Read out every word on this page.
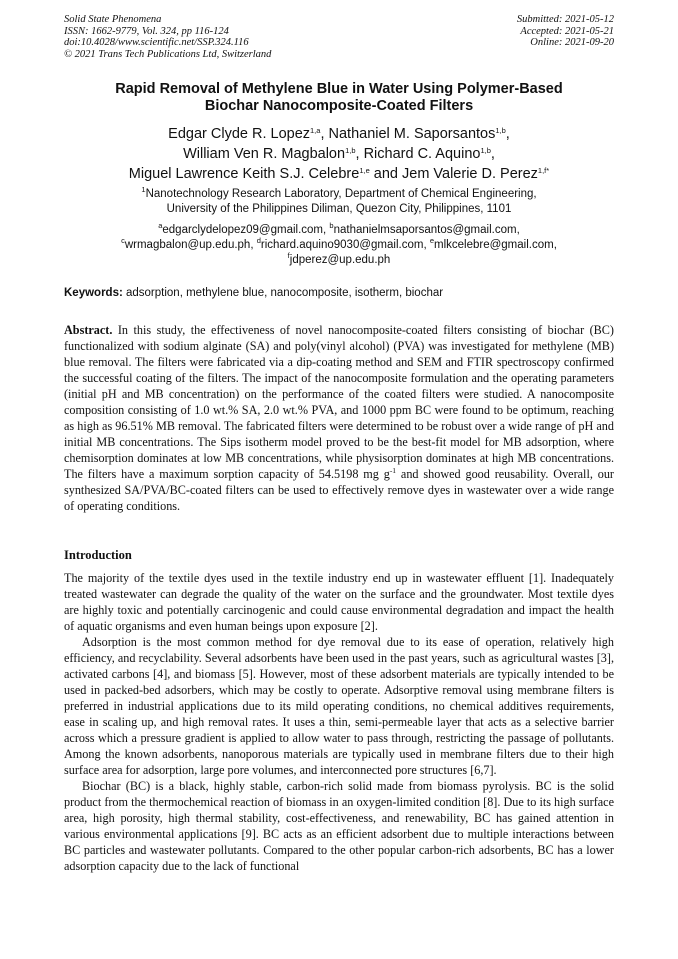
Solid State Phenomena
ISSN: 1662-9779, Vol. 324, pp 116-124
doi:10.4028/www.scientific.net/SSP.324.116
© 2021 Trans Tech Publications Ltd, Switzerland
Submitted: 2021-05-12
Accepted: 2021-05-21
Online: 2021-09-20
Rapid Removal of Methylene Blue in Water Using Polymer-Based
Biochar Nanocomposite-Coated Filters
Edgar Clyde R. Lopez$^{1,a}$, Nathaniel M. Saporsantos$^{1,b}$,
William Ven R. Magbalon$^{1,b}$, Richard C. Aquino$^{1,b}$,
Miguel Lawrence Keith S.J. Celebre$^{1,e}$ and Jem Valerie D. Perez$^{1,f*}$
$^1$Nanotechnology Research Laboratory, Department of Chemical Engineering,
University of the Philippines Diliman, Quezon City, Philippines, 1101
$^a$edgarclydelopez09@gmail.com, $^b$nathanielmsaporsantos@gmail.com,
$^c$wrmagbalon@up.edu.ph, $^d$richard.aquino9030@gmail.com, $^e$mlkcelebre@gmail.com,
$^f$jdperez@up.edu.ph
Keywords: adsorption, methylene blue, nanocomposite, isotherm, biochar
Abstract. In this study, the effectiveness of novel nanocomposite-coated filters consisting of biochar (BC) functionalized with sodium alginate (SA) and poly(vinyl alcohol) (PVA) was investigated for methylene (MB) blue removal. The filters were fabricated via a dip-coating method and SEM and FTIR spectroscopy confirmed the successful coating of the filters. The impact of the nanocomposite formulation and the operating parameters (initial pH and MB concentration) on the performance of the coated filters were studied. A nanocomposite composition consisting of 1.0 wt.% SA, 2.0 wt.% PVA, and 1000 ppm BC were found to be optimum, reaching as high as 96.51% MB removal. The fabricated filters were determined to be robust over a wide range of pH and initial MB concentrations. The Sips isotherm model proved to be the best-fit model for MB adsorption, where chemisorption dominates at low MB concentrations, while physisorption dominates at high MB concentrations. The filters have a maximum sorption capacity of 54.5198 mg $g^{-1}$ and showed good reusability. Overall, our synthesized SA/PVA/BC-coated filters can be used to effectively remove dyes in wastewater over a wide range of operating conditions.
Introduction

The majority of the textile dyes used in the textile industry end up in wastewater effluent [1]. Inadequately treated wastewater can degrade the quality of the water on the surface and the groundwater. Most textile dyes are highly toxic and potentially carcinogenic and could cause environmental degradation and impact the health of aquatic organisms and even human beings upon exposure [2].

Adsorption is the most common method for dye removal due to its ease of operation, relatively high efficiency, and recyclability. Several adsorbents have been used in the past years, such as agricultural wastes [3], activated carbons [4], and biomass [5]. However, most of these adsorbent materials are typically intended to be used in packed-bed adsorbers, which may be costly to operate. Adsorptive removal using membrane filters is preferred in industrial applications due to its mild operating conditions, no chemical additives requirements, ease in scaling up, and high removal rates. It uses a thin, semi-permeable layer that acts as a selective barrier across which a pressure gradient is applied to allow water to pass through, restricting the passage of pollutants. Among the known adsorbents, nanoporous materials are typically used in membrane filters due to their high surface area for adsorption, large pore volumes, and interconnected pore structures [6,7].

Biochar (BC) is a black, highly stable, carbon-rich solid made from biomass pyrolysis. BC is the solid product from the thermochemical reaction of biomass in an oxygen-limited condition [8]. Due to its high surface area, high porosity, high thermal stability, cost-effectiveness, and renewability, BC has gained attention in various environmental applications [9]. BC acts as an efficient adsorbent due to multiple interactions between BC particles and wastewater pollutants. Compared to the other popular carbon-rich adsorbents, BC has a lower adsorption capacity due to the lack of functional
